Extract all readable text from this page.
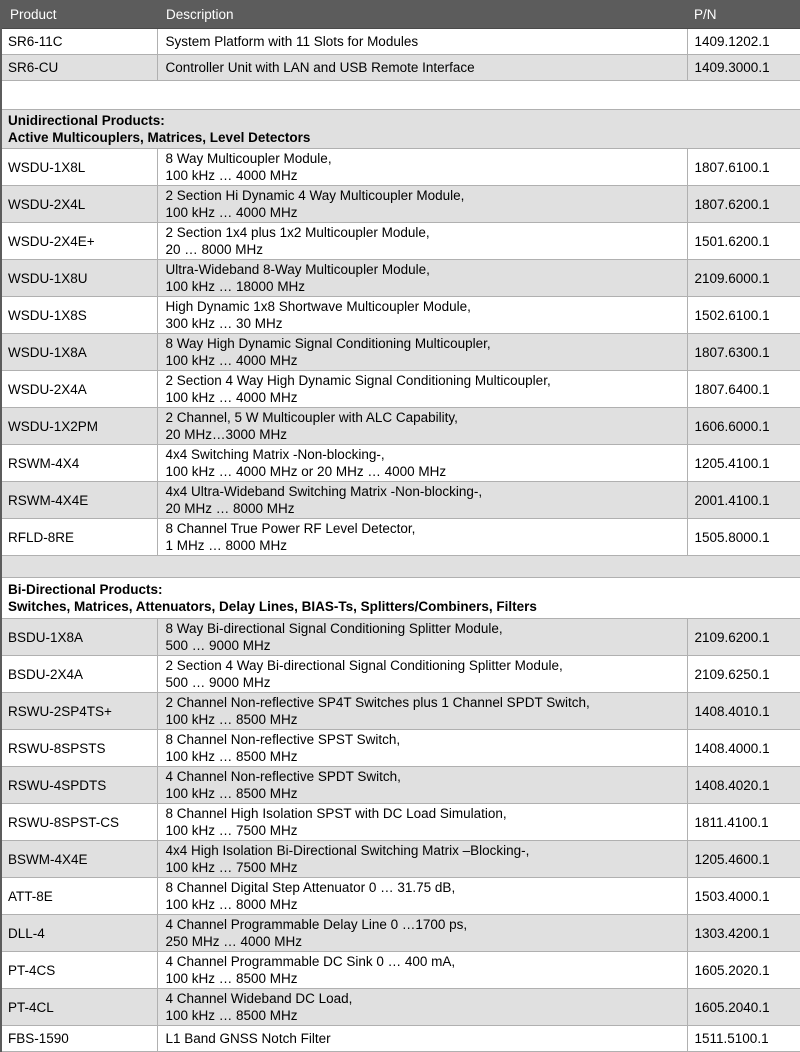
Product	Description	P/N
SR6-11C	System Platform with 11 Slots for Modules	1409.1202.1
SR6-CU	Controller Unit with LAN and USB Remote Interface	1409.3000.1

Unidirectional Products:
Active Multicouplers, Matrices, Level Detectors		

WSDU-1X8L	8 Way Multicoupler Module,
100 kHz … 4000 MHz	1807.6100.1
WSDU-2X4L	2 Section Hi Dynamic 4 Way Multicoupler Module,
100 kHz … 4000 MHz	1807.6200.1
WSDU-2X4E+	2 Section 1x4 plus 1x2 Multicoupler Module,
20 … 8000 MHz	1501.6200.1
WSDU-1X8U	Ultra-Wideband 8-Way Multicoupler Module,
100 kHz … 18000 MHz	2109.6000.1
WSDU-1X8S	High Dynamic 1x8 Shortwave Multicoupler Module,
300 kHz … 30 MHz	1502.6100.1
WSDU-1X8A	8 Way High Dynamic Signal Conditioning Multicoupler,
100 kHz … 4000 MHz	1807.6300.1
WSDU-2X4A	2 Section 4 Way High Dynamic Signal Conditioning Multicoupler,
100 kHz … 4000 MHz	1807.6400.1
WSDU-1X2PM	2 Channel, 5 W Multicoupler with ALC Capability,
20 MHz…3000 MHz	1606.6000.1
RSWM-4X4	4x4 Switching Matrix -Non-blocking-,
100 kHz … 4000 MHz or 20 MHz … 4000 MHz	1205.4100.1
RSWM-4X4E	4x4 Ultra-Wideband Switching Matrix -Non-blocking-,
20 MHz … 8000 MHz	2001.4100.1
RFLD-8RE	8 Channel True Power RF Level Detector,
1 MHz … 8000 MHz	1505.8000.1

Bi-Directional Products:
Switches, Matrices, Attenuators, Delay Lines, BIAS-Ts, Splitters/Combiners, Filters		

BSDU-1X8A	8 Way Bi-directional Signal Conditioning Splitter Module,
500 … 9000 MHz	2109.6200.1
BSDU-2X4A	2 Section 4 Way Bi-directional Signal Conditioning Splitter Module,
500 … 9000 MHz	2109.6250.1
RSWU-2SP4TS+	2 Channel Non-reflective SP4T Switches plus 1 Channel SPDT Switch,
100 kHz … 8500 MHz	1408.4010.1
RSWU-8SPSTS	8 Channel Non-reflective SPST Switch,
100 kHz … 8500 MHz	1408.4000.1
RSWU-4SPDTS	4 Channel Non-reflective SPDT Switch,
100 kHz … 8500 MHz	1408.4020.1
RSWU-8SPST-CS	8 Channel High Isolation SPST with DC Load Simulation,
100 kHz … 7500 MHz	1811.4100.1
BSWM-4X4E	4x4 High Isolation Bi-Directional Switching Matrix –Blocking-,
100 kHz … 7500 MHz	1205.4600.1
ATT-8E	8 Channel Digital Step Attenuator 0 … 31.75 dB,
100 kHz … 8000 MHz	1503.4000.1
DLL-4	4 Channel Programmable Delay Line 0 …1700 ps,
250 MHz … 4000 MHz	1303.4200.1
PT-4CS	4 Channel Programmable DC Sink 0 … 400 mA,
100 kHz … 8500 MHz	1605.2020.1
PT-4CL	4 Channel Wideband DC Load,
100 kHz … 8500 MHz	1605.2040.1
FBS-1590	L1 Band GNSS Notch Filter	1511.5100.1
